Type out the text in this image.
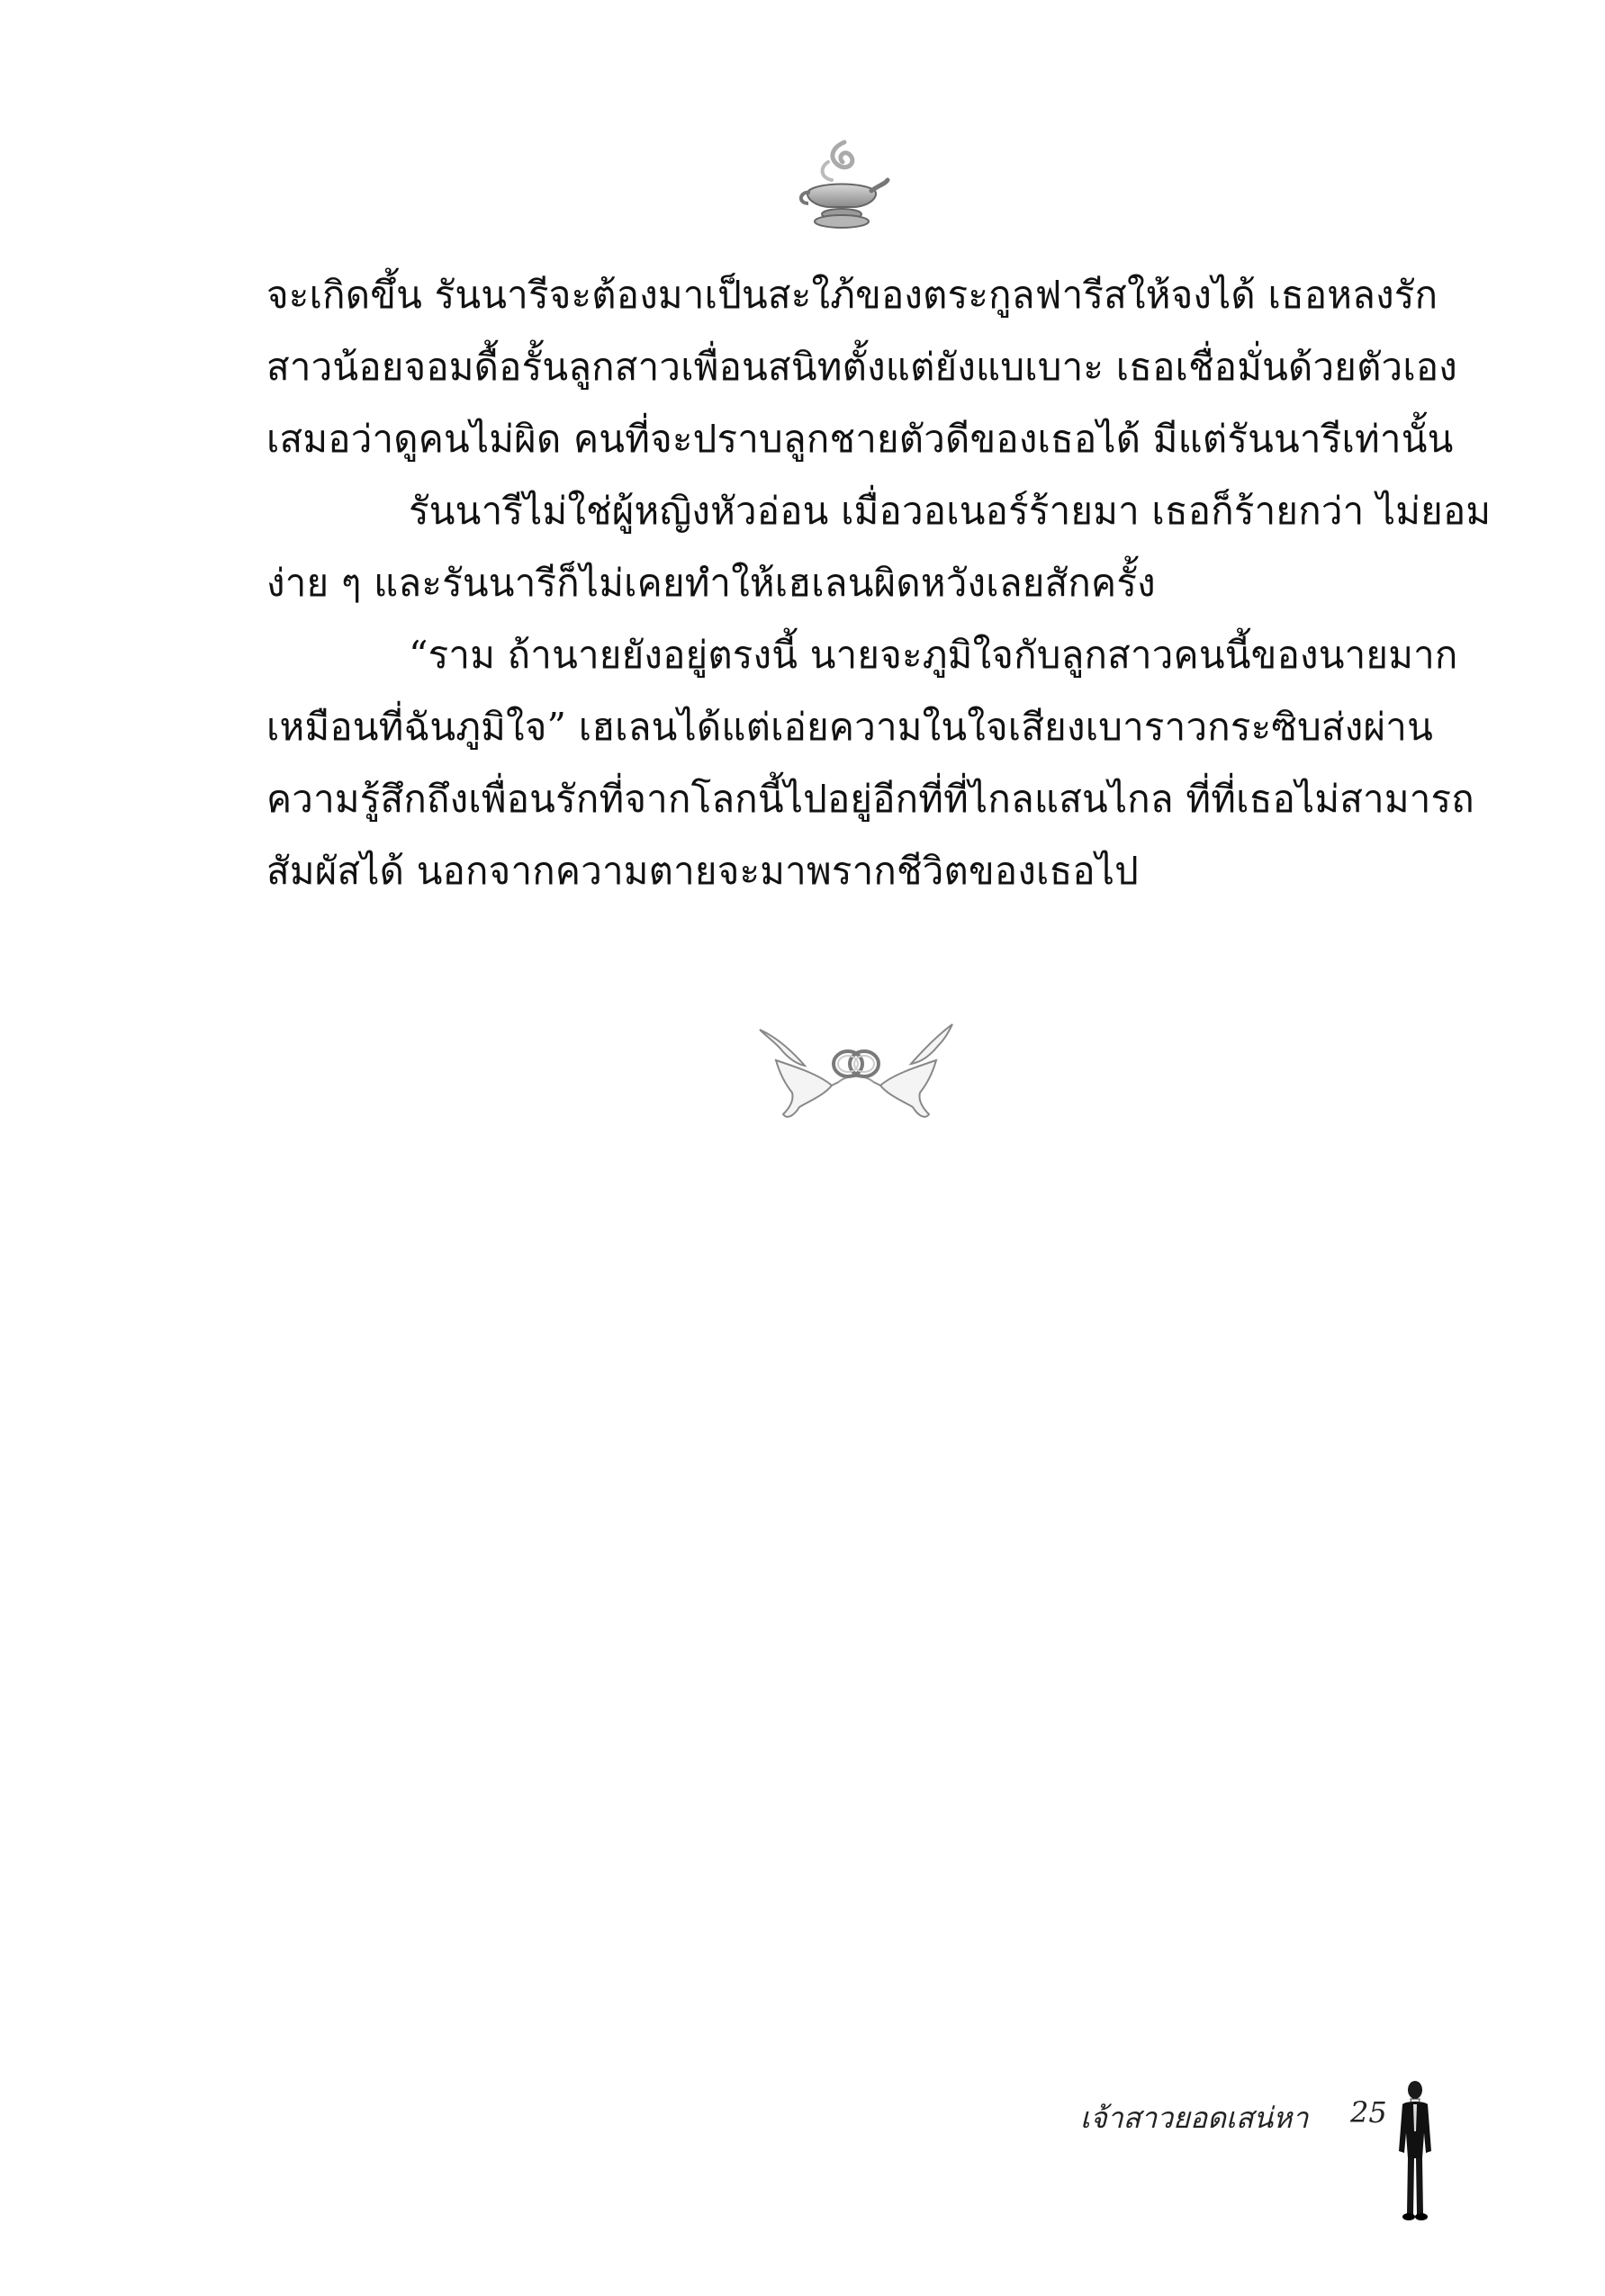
จะเกิดขึ้น รันนารีจะต้องมาเป็นสะใภ้ของตระกูลฟารีสให้จงได้ เธอหลงรัก
สาวน้อยจอมดื้อรั้นลูกสาวเพื่อนสนิทตั้งแต่ยังแบเบาะ เธอเชื่อมั่นด้วยตัวเอง
เสมอว่าดูคนไม่ผิด คนที่จะปราบลูกชายตัวดีของเธอได้ มีแต่รันนารีเท่านั้น
รันนารีไม่ใช่ผู้หญิงหัวอ่อน เมื่อวอเนอร์ร้ายมา เธอก็ร้ายกว่า ไม่ยอม
ง่าย ๆ และรันนารีก็ไม่เคยทำให้เฮเลนผิดหวังเลยสักครั้ง
“ราม ถ้านายยังอยู่ตรงนี้ นายจะภูมิใจกับลูกสาวคนนี้ของนายมาก
เหมือนที่ฉันภูมิใจ” เฮเลนได้แต่เอ่ยความในใจเสียงเบาราวกระซิบส่งผ่าน
ความรู้สึกถึงเพื่อนรักที่จากโลกนี้ไปอยู่อีกที่ที่ไกลแสนไกล ที่ที่เธอไม่สามารถ
สัมผัสได้ นอกจากความตายจะมาพรากชีวิตของเธอไป
เจ้าสาวยอดเสน่หา 25
